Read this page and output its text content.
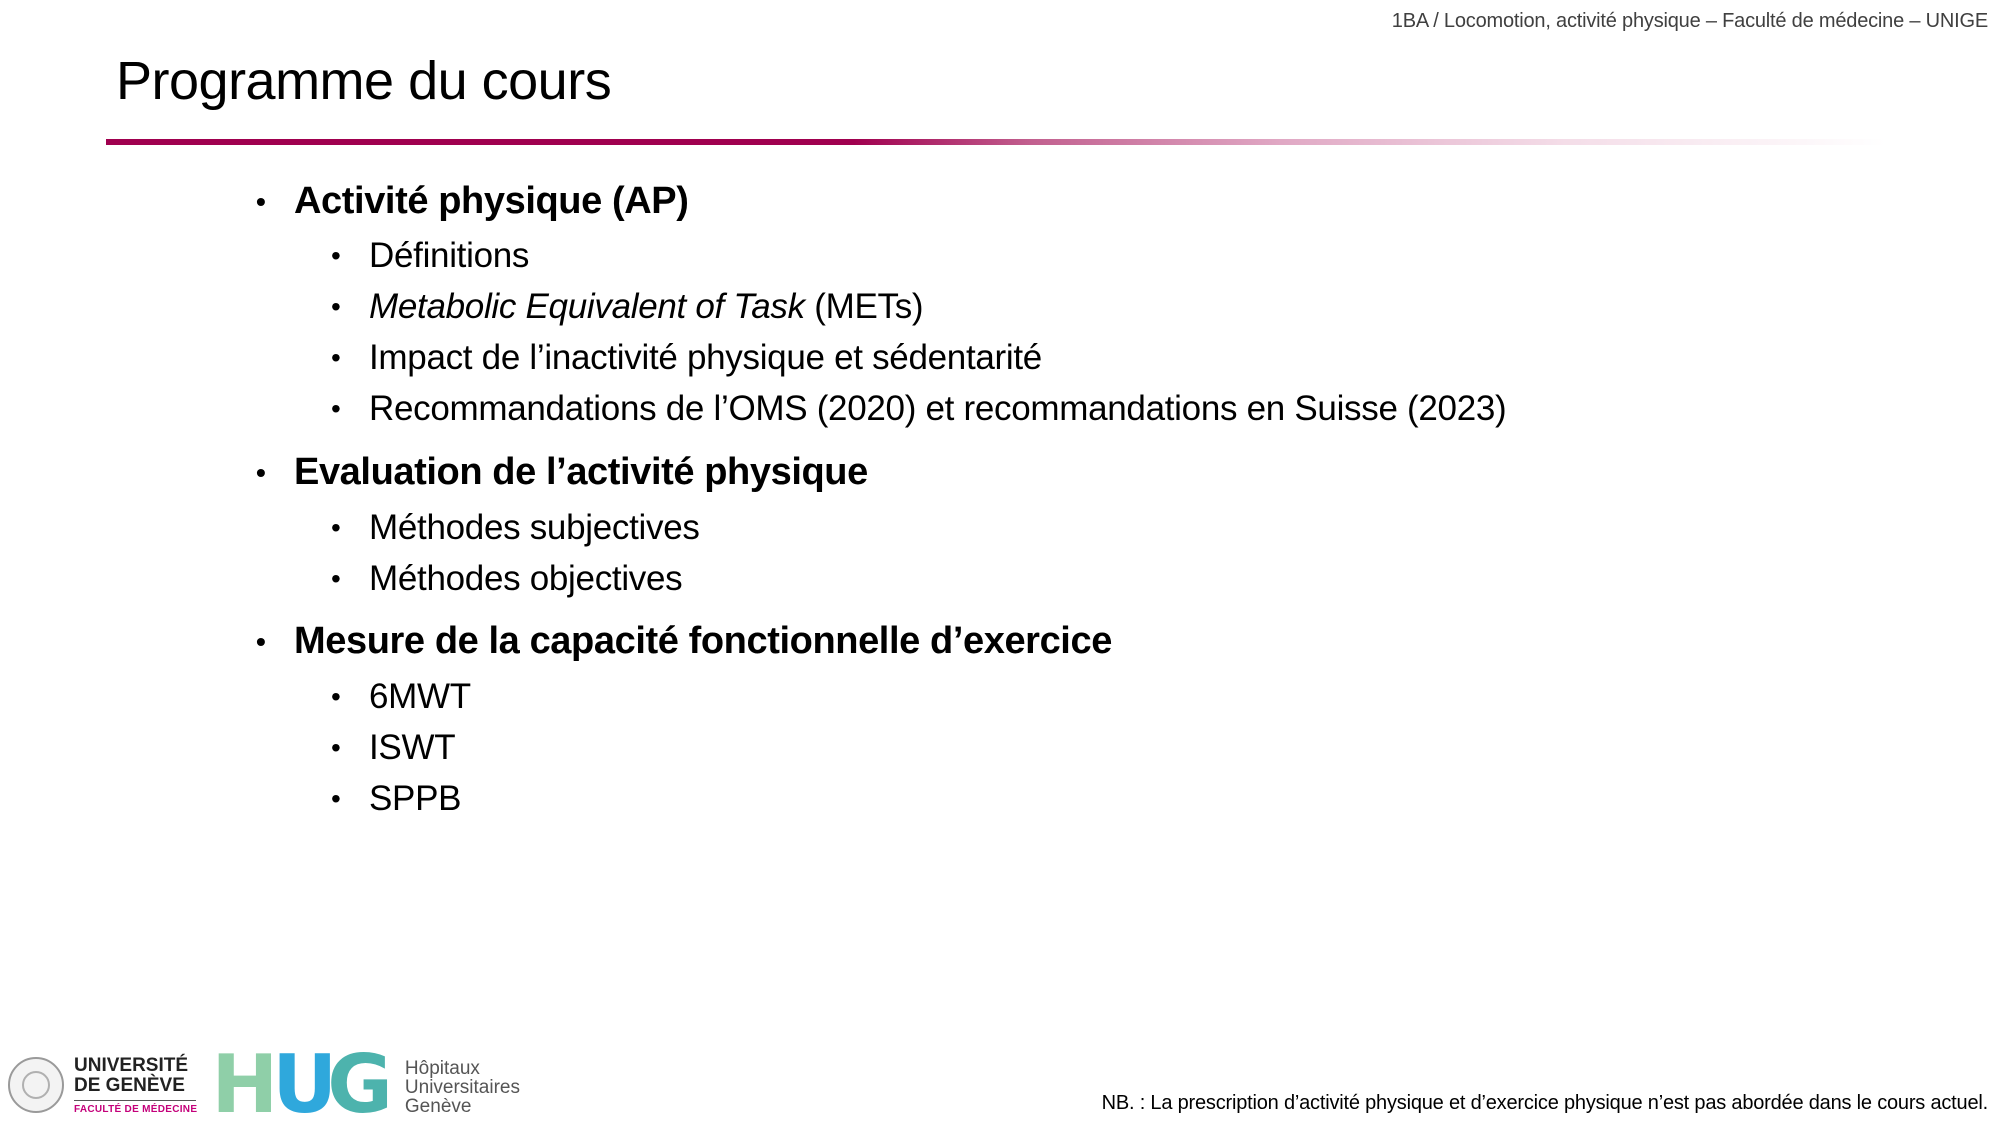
1BA / Locomotion, activité physique – Faculté de médecine – UNIGE
Programme du cours
• Activité physique (AP)
• Définitions
• Metabolic Equivalent of Task (METs)
• Impact de l’inactivité physique et sédentarité
• Recommandations de l’OMS (2020) et recommandations en Suisse (2023)
• Evaluation de l’activité physique
• Méthodes subjectives
• Méthodes objectives
• Mesure de la capacité fonctionnelle d’exercice
• 6MWT
• ISWT
• SPPB
UNIVERSITÉ
DE GENÈVE
FACULTÉ DE MÉDECINE H
U
G Hôpitaux
Universitaires
Genève	NB. : La prescription d’activité physique et d’exercice physique n’est pas abordée dans le cours actuel.
